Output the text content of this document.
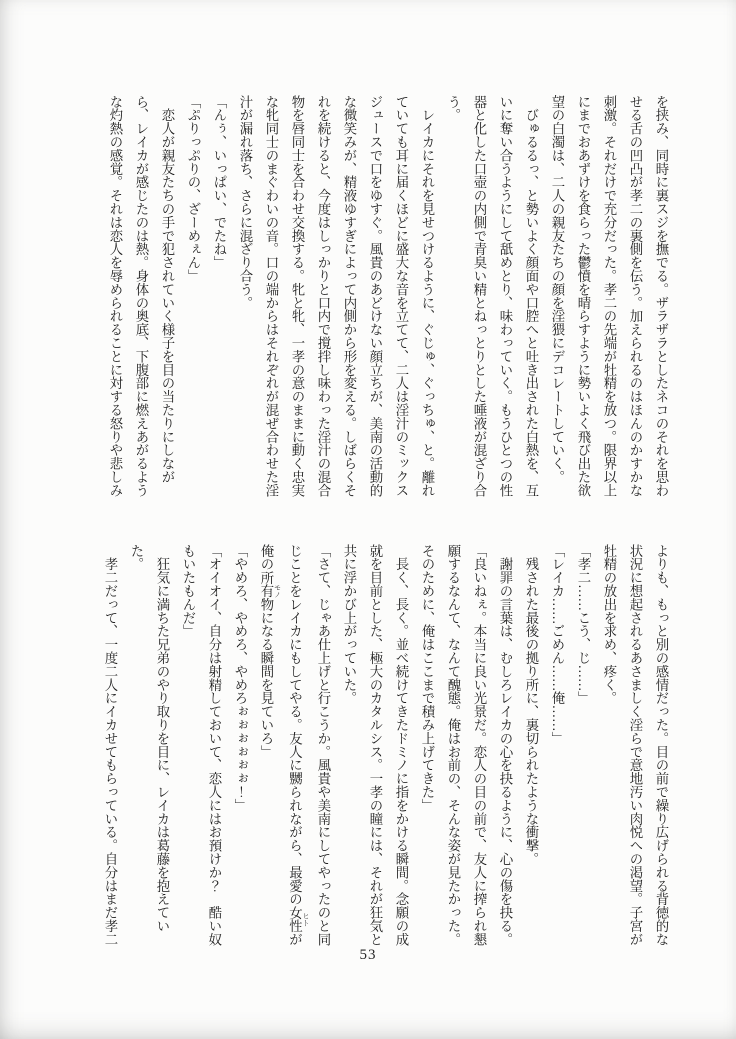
を挟み、同時に裏スジを撫でる。ザラザラとしたネコのそれを思わ

せる舌の凹凸が孝二の裏側を伝う。加えられるのはほんのかすかな

刺激。それだけで充分だった。孝二の先端が牡精を放つ。限界以上

にまでおあずけを食らった鬱憤を晴らすように勢いよく飛び出た欲

望の白濁は、二人の親友たちの顔を淫猥にデコレートしていく。

　びゅるるっ、と勢いよく顔面や口腔へと吐き出された白熱を、互

いに奪い合うようにして舐めとり、味わっていく。もうひとつの性

器と化した口壺の内側で青臭い精とねっとりとした唾液が混ざり合

う。

　レイカにそれを見せつけるように、ぐじゅ、ぐっちゅ、と。離れ

ていても耳に届くほどに盛大な音を立てて、二人は淫汁のミックス

ジュースで口をゆすぐ。風貴のあどけない顔立ちが、美南の活動的

な微笑みが、精液ゆすぎによって内側から形を変える。しばらくそ

れを続けると、今度はしっかりと口内で撹拌し味わった淫汁の混合

物を唇同士を合わせ交換する。牝と牝、一孝の意のままに動く忠実

な牝同士のまぐわいの音。口の端からはそれぞれが混ぜ合わせた淫

汁が漏れ落ち、さらに混ざり合う。

「んぅ、いっぱい、でたね」

「ぷりっぷりの、ざーめぇん」

　恋人が親友たちの手で犯されていく様子を目の当たりにしなが

ら、レイカが感じたのは熱。身体の奥底、下腹部に燃えあがるよう

な灼熱の感覚。それは恋人を辱められることに対する怒りや悲しみ

よりも、もっと別の感情だった。目の前で繰り広げられる背徳的な

状況に想起されるあさましく淫らで意地汚い肉悦への渇望。子宮が

牡精の放出を求め、疼く。

「孝二……こう、じ……」

「レイカ……ごめん……俺……」

　残された最後の拠り所に、裏切られたような衝撃。

　謝罪の言葉は、むしろレイカの心を抉るように、心の傷を抉る。

「良いねぇ。本当に良い光景だ。恋人の目の前で、友人に搾られ懇

願するなんて、なんて醜態。俺はお前の、そんな姿が見たかった。

そのために、俺はここまで積み上げてきた」

　長く、長く。並べ続けてきたドミノに指をかける瞬間。念願の成

就を目前とした、極大のカタルシス。一孝の瞳には、それが狂気と

共に浮かび上がっていた。

「さて、じゃあ仕上げと行こうか。風貴や美南にしてやったのと同

じことをレイカにもしてやる。友人に嬲られながら、最愛の女性 ヒトが

俺の所有物 モノになる瞬間を見ていろ」

「やめろ、やめろ、やめろぉぉぉぉぉぉ！」

「オイオイ、自分は射精しておいて、恋人にはお預けか？　酷い奴

もいたもんだ」

　狂気に満ちた兄弟のやり取りを目に、レイカは葛藤を抱えてい

た。

　孝二だって、一度二人にイカせてもらっている。自分はまだ孝二

53
